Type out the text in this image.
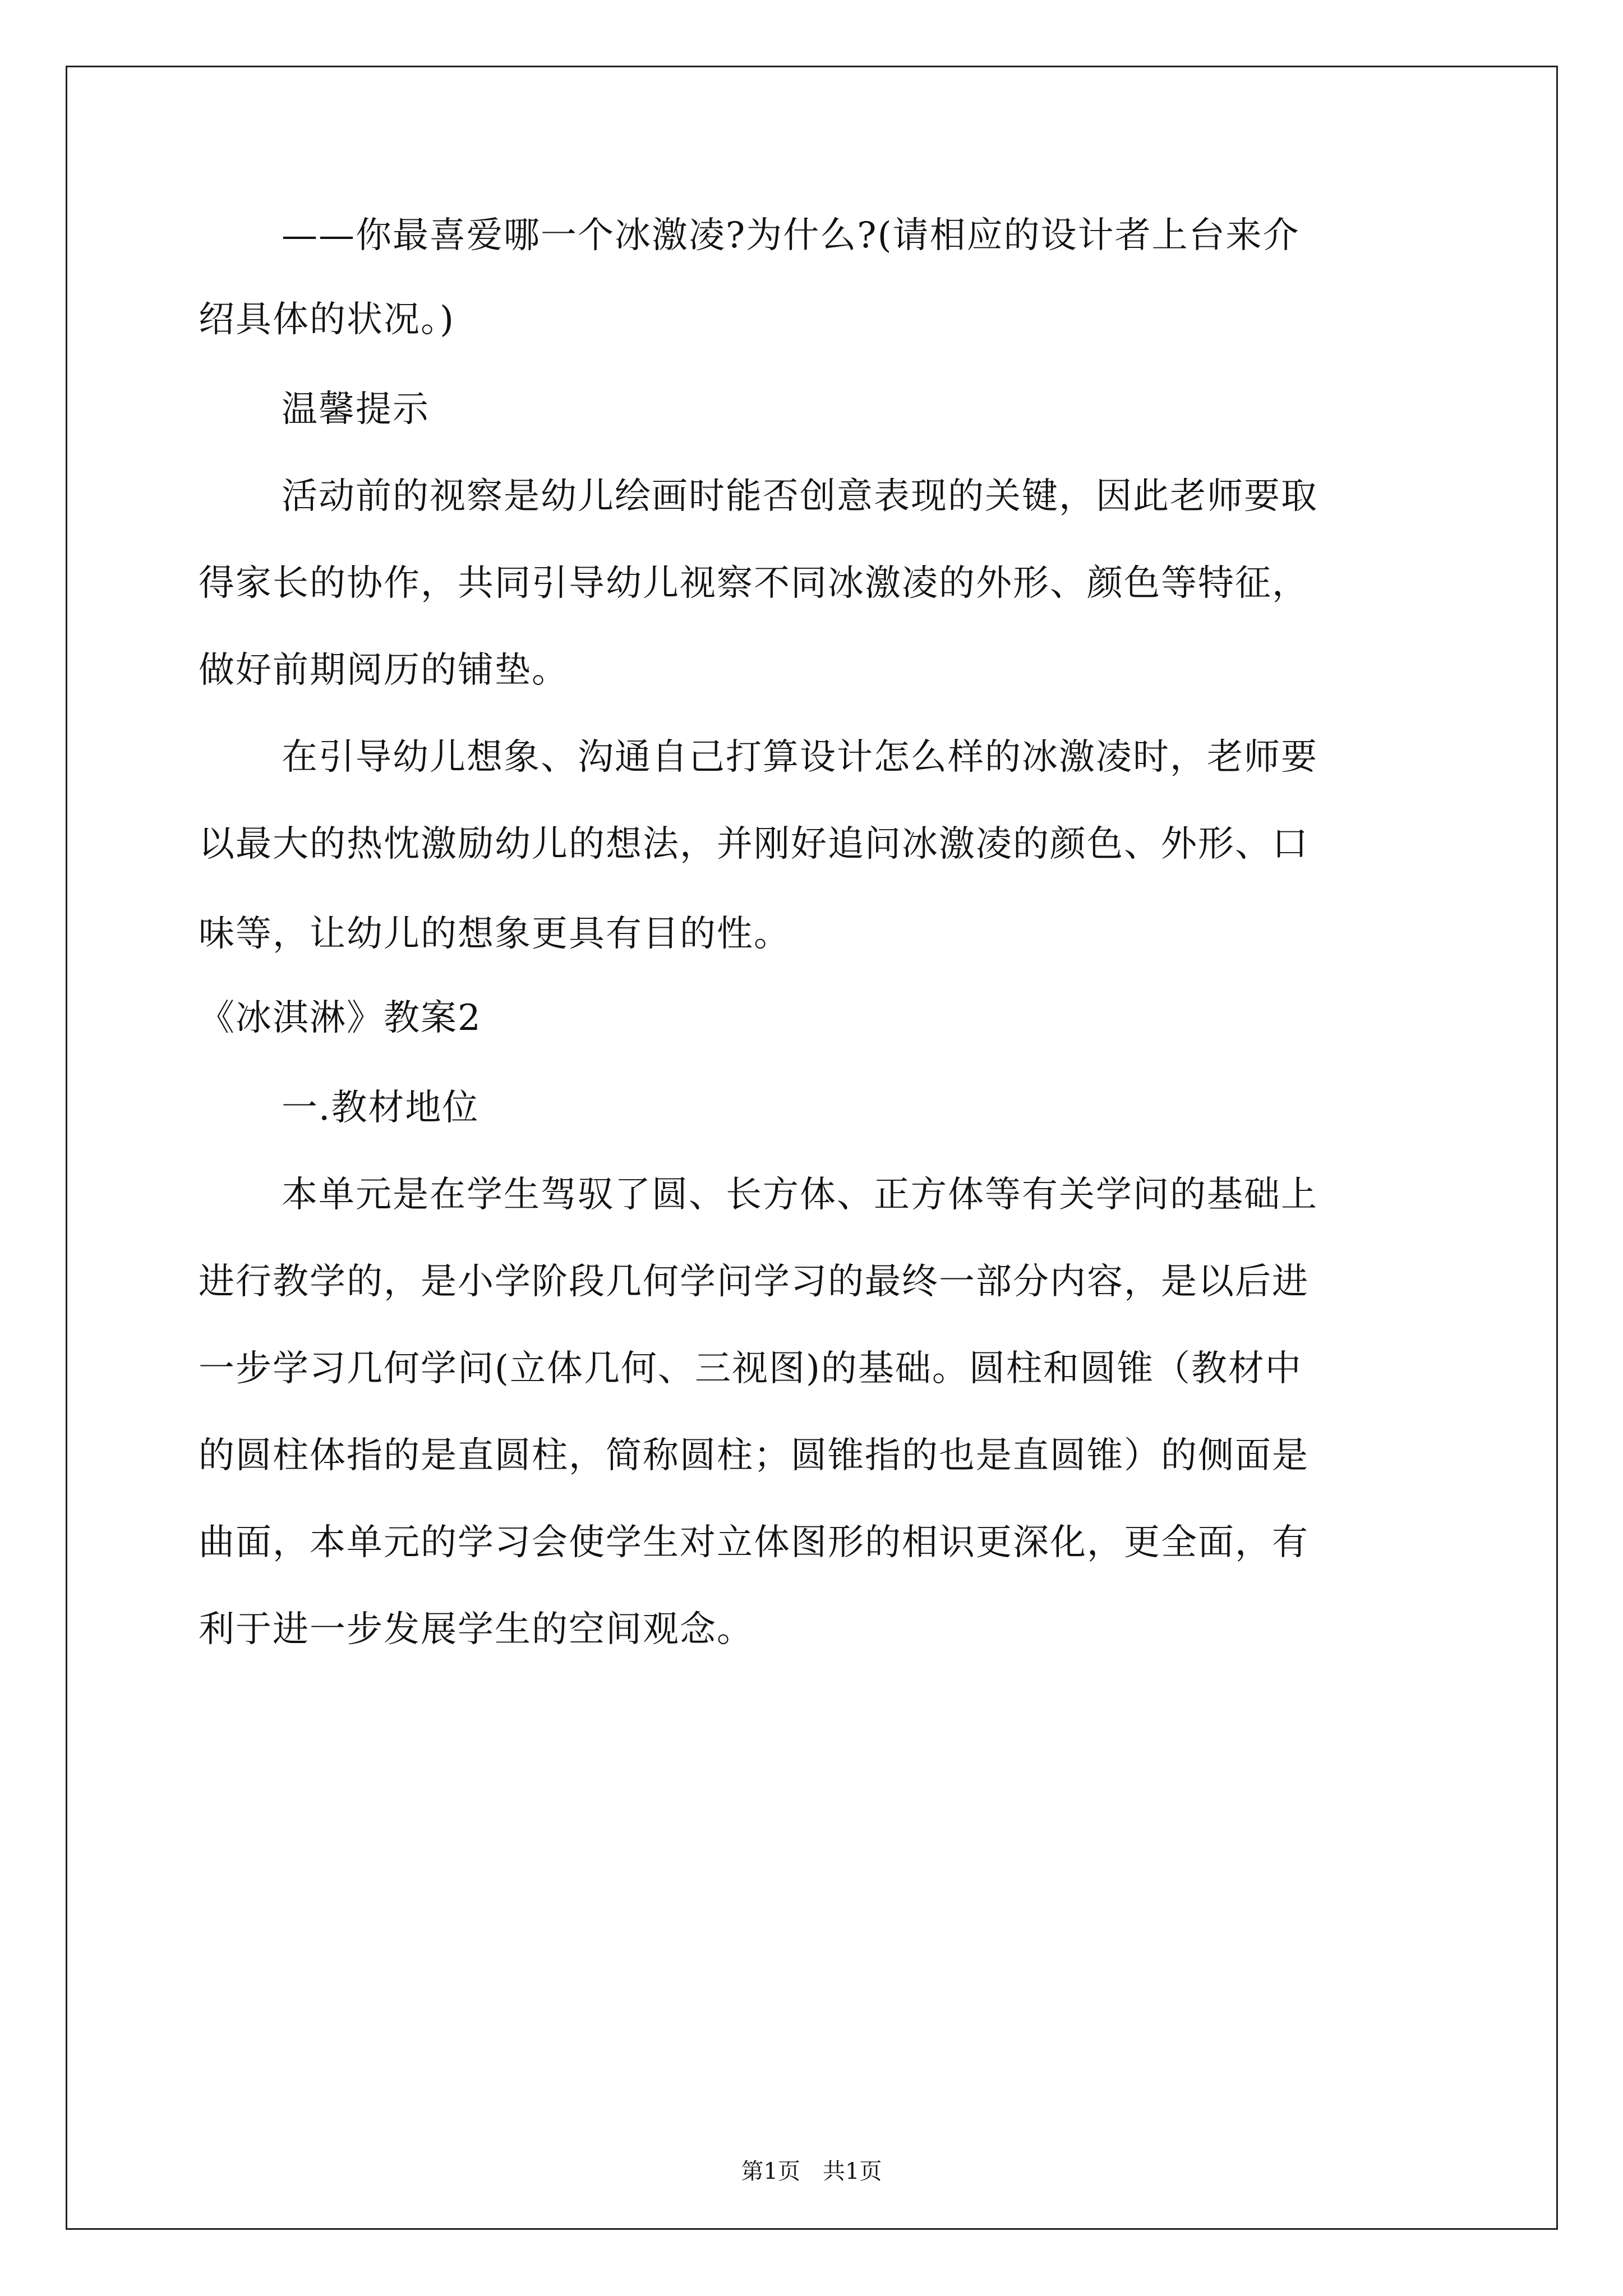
——你最喜爱哪一个冰激凌?为什么?(请相应的设计者上台来介
绍具体的状况。)
温馨提示
活动前的视察是幼儿绘画时能否创意表现的关键，因此老师要取
得家长的协作，共同引导幼儿视察不同冰激凌的外形、颜色等特征，
做好前期阅历的铺垫。
在引导幼儿想象、沟通自己打算设计怎么样的冰激凌时，老师要
以最大的热忱激励幼儿的想法，并刚好追问冰激凌的颜色、外形、口
味等，让幼儿的想象更具有目的性。
《冰淇淋》教案2
一.教材地位
本单元是在学生驾驭了圆、长方体、正方体等有关学问的基础上
进行教学的，是小学阶段几何学问学习的最终一部分内容，是以后进
一步学习几何学问(立体几何、三视图)的基础。圆柱和圆锥（教材中
的圆柱体指的是直圆柱，简称圆柱；圆锥指的也是直圆锥）的侧面是
曲面，本单元的学习会使学生对立体图形的相识更深化，更全面，有
利于进一步发展学生的空间观念。
第1页　共1页
